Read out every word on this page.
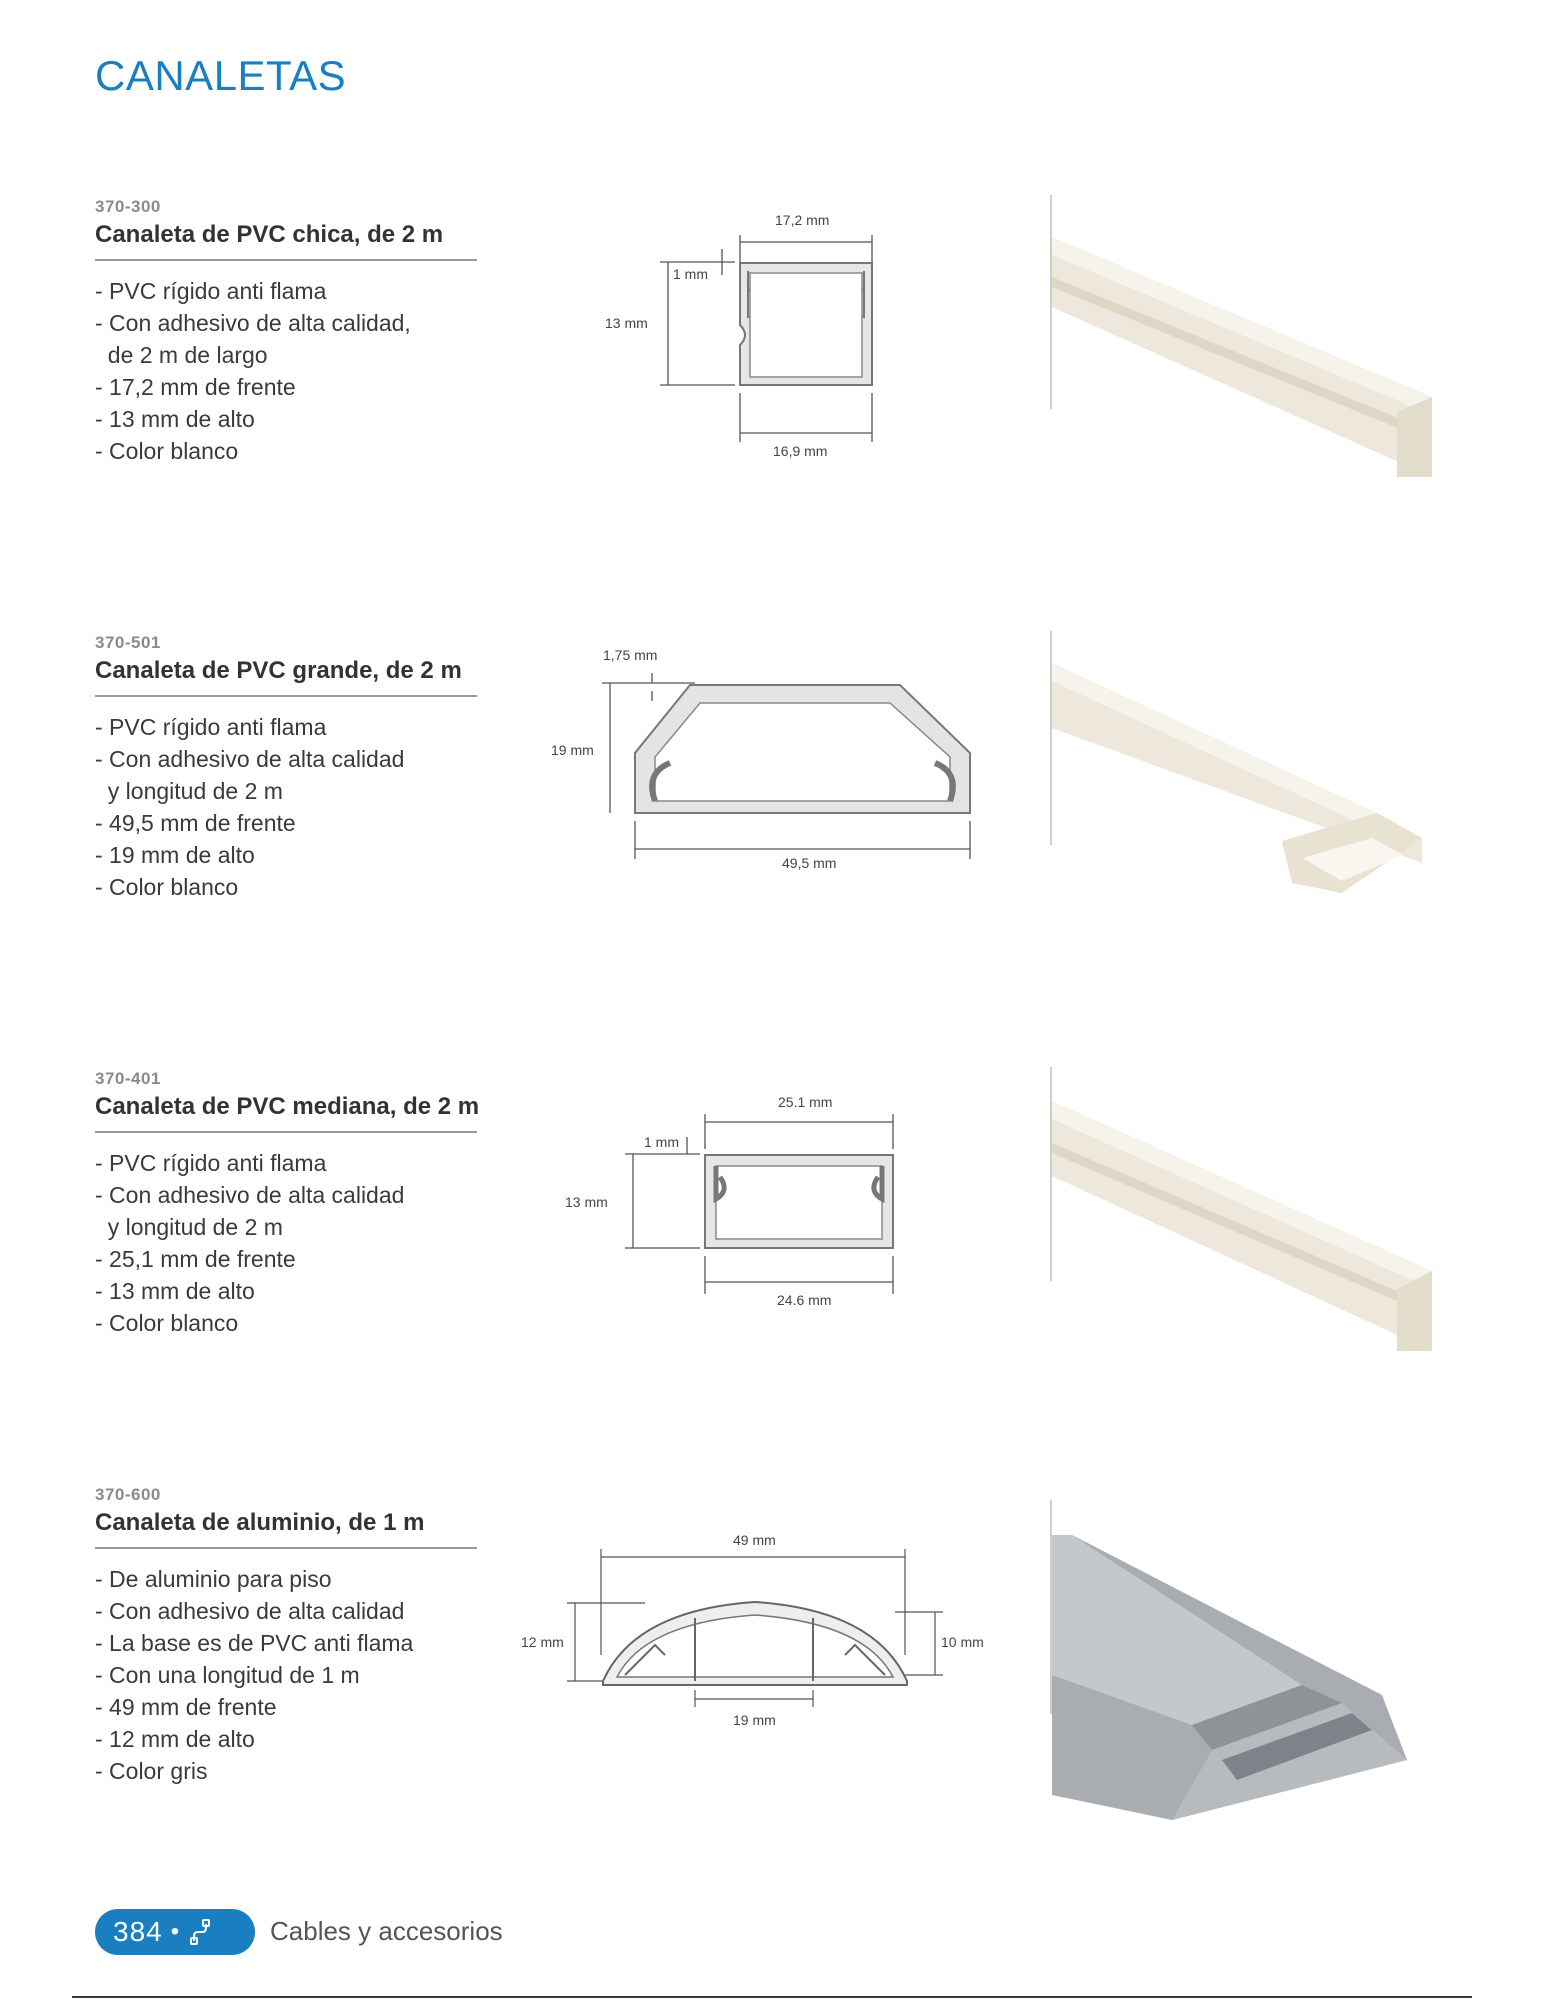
CANALETAS
370-300
Canaleta de PVC chica, de 2 m
- PVC rígido anti flama
- Con adhesivo de alta calidad,
de 2 m de largo
- 17,2 mm de frente
- 13 mm de alto
- Color blanco
17,2 mm
1 mm
13 mm
16,9 mm
370-501
Canaleta de PVC grande, de 2 m
- PVC rígido anti flama
- Con adhesivo de alta calidad
y longitud de 2 m
- 49,5 mm de frente
- 19 mm de alto
- Color blanco
1,75 mm
19 mm
49,5 mm
370-401
Canaleta de PVC mediana, de 2 m
- PVC rígido anti flama
- Con adhesivo de alta calidad
y longitud de 2 m
- 25,1 mm de frente
- 13 mm de alto
- Color blanco
25.1 mm
1 mm
13 mm
24.6 mm
370-600
Canaleta de aluminio, de 1 m
- De aluminio para piso
- Con adhesivo de alta calidad
- La base es de PVC anti flama
- Con una longitud de 1 m
- 49 mm de frente
- 12 mm de alto
- Color gris
49 mm
12 mm	10 mm
19 mm
384 •	Cables y accesorios
